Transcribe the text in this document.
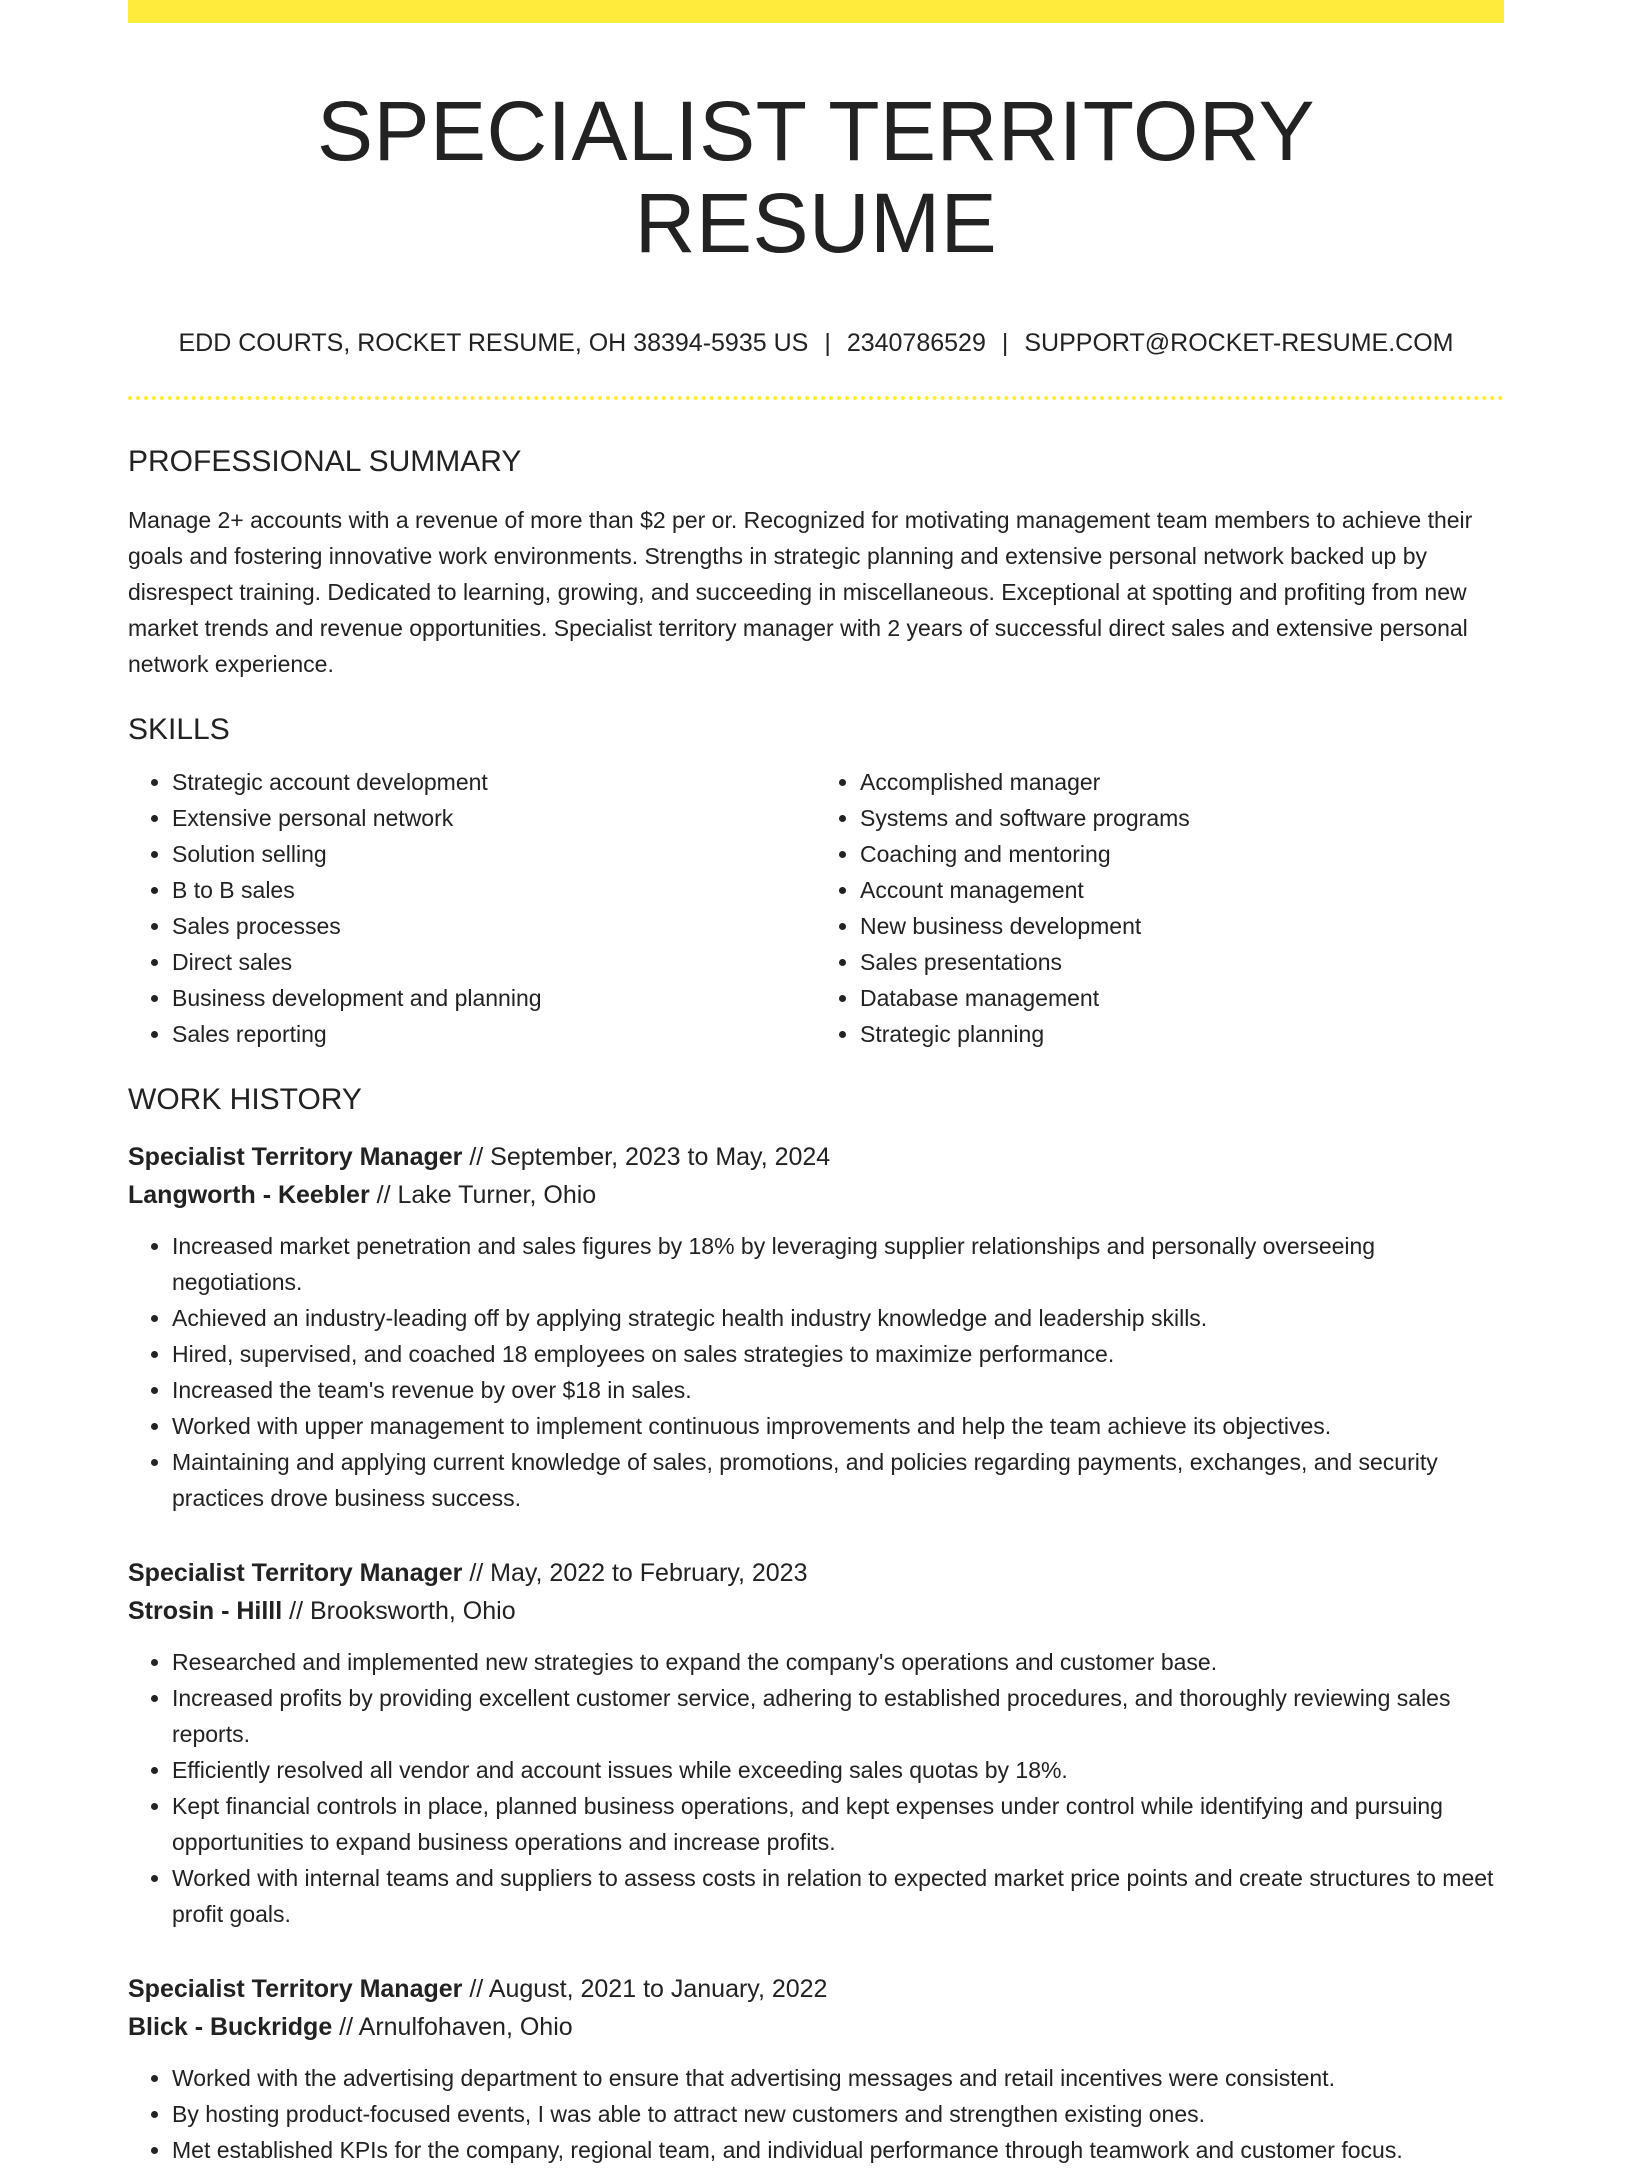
SPECIALIST TERRITORY RESUME
EDD COURTS, ROCKET RESUME, OH 38394-5935 US | 2340786529 | SUPPORT@ROCKET-RESUME.COM
PROFESSIONAL SUMMARY

Manage 2+ accounts with a revenue of more than $2 per or. Recognized for motivating management team members to achieve their goals and fostering innovative work environments. Strengths in strategic planning and extensive personal network backed up by disrespect training. Dedicated to learning, growing, and succeeding in miscellaneous. Exceptional at spotting and profiting from new market trends and revenue opportunities. Specialist territory manager with 2 years of successful direct sales and extensive personal network experience.

SKILLS
• Strategic account development
• Extensive personal network
• Solution selling
• B to B sales
• Sales processes
• Direct sales
• Business development and planning
• Sales reporting
• Accomplished manager
• Systems and software programs
• Coaching and mentoring
• Account management
• New business development
• Sales presentations
• Database management
• Strategic planning
WORK HISTORY
Specialist Territory Manager // September, 2023 to May, 2024
Langworth - Keebler // Lake Turner, Ohio
• Increased market penetration and sales figures by 18% by leveraging supplier relationships and personally overseeing negotiations.
• Achieved an industry-leading off by applying strategic health industry knowledge and leadership skills.
• Hired, supervised, and coached 18 employees on sales strategies to maximize performance.
• Increased the team's revenue by over $18 in sales.
• Worked with upper management to implement continuous improvements and help the team achieve its objectives.
• Maintaining and applying current knowledge of sales, promotions, and policies regarding payments, exchanges, and security practices drove business success.
Specialist Territory Manager // May, 2022 to February, 2023
Strosin - Hilll // Brooksworth, Ohio
• Researched and implemented new strategies to expand the company's operations and customer base.
• Increased profits by providing excellent customer service, adhering to established procedures, and thoroughly reviewing sales reports.
• Efficiently resolved all vendor and account issues while exceeding sales quotas by 18%.
• Kept financial controls in place, planned business operations, and kept expenses under control while identifying and pursuing opportunities to expand business operations and increase profits.
• Worked with internal teams and suppliers to assess costs in relation to expected market price points and create structures to meet profit goals.
Specialist Territory Manager // August, 2021 to January, 2022
Blick - Buckridge // Arnulfohaven, Ohio
• Worked with the advertising department to ensure that advertising messages and retail incentives were consistent.
• By hosting product-focused events, I was able to attract new customers and strengthen existing ones.
• Met established KPIs for the company, regional team, and individual performance through teamwork and customer focus.
